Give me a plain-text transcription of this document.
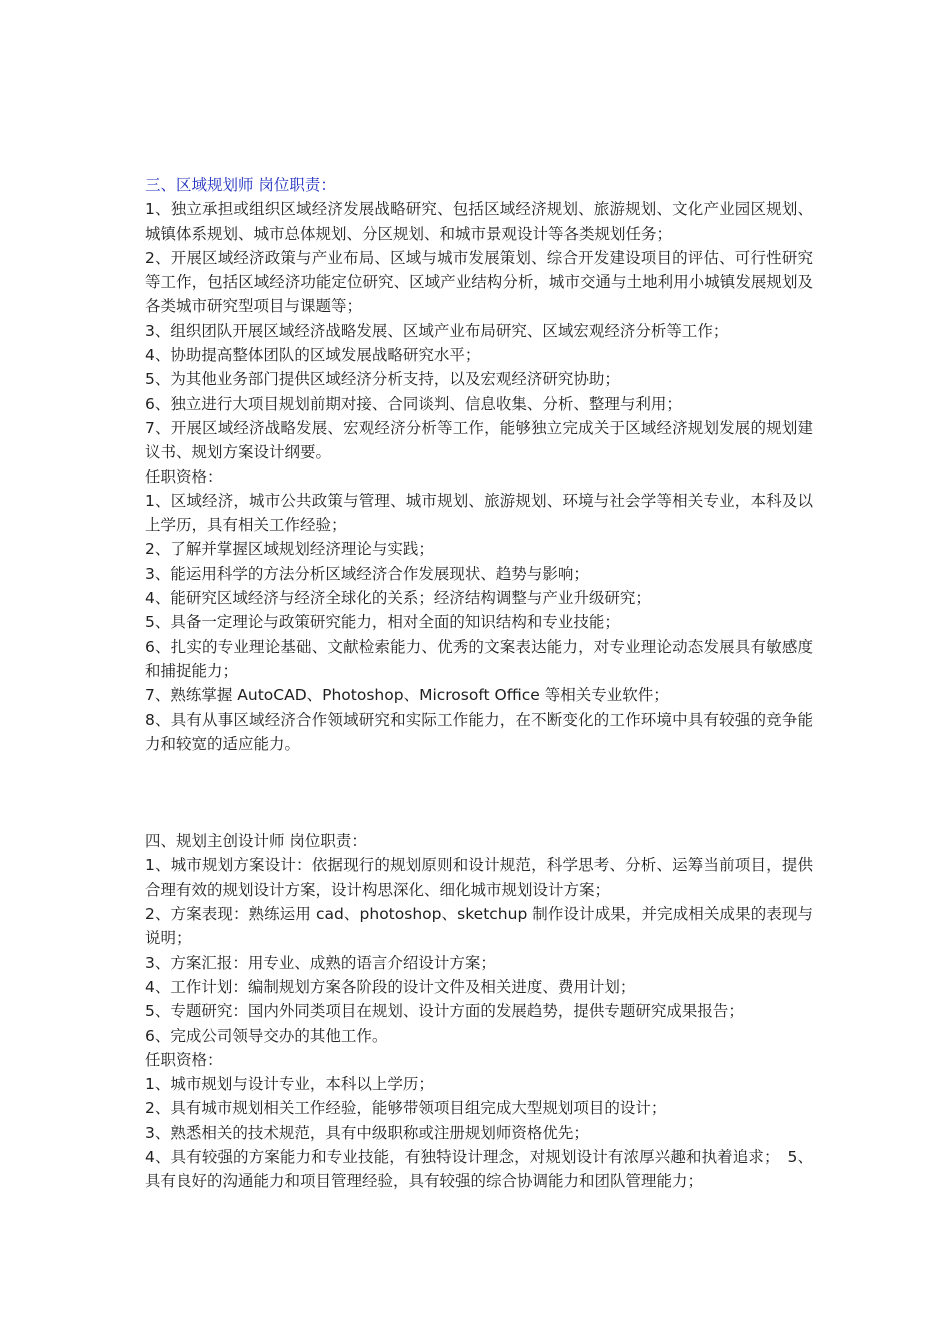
三、区域规划师 岗位职责：

1、独立承担或组织区域经济发展战略研究、包括区域经济规划、旅游规划、文化产业园区规划、城镇体系规划、城市总体规划、分区规划、和城市景观设计等各类规划任务；

2、开展区域经济政策与产业布局、区域与城市发展策划、综合开发建设项目的评估、可行性研究等工作，包括区域经济功能定位研究、区域产业结构分析，城市交通与土地利用小城镇发展规划及各类城市研究型项目与课题等；

3、组织团队开展区域经济战略发展、区域产业布局研究、区域宏观经济分析等工作；

4、协助提高整体团队的区域发展战略研究水平；

5、为其他业务部门提供区域经济分析支持，以及宏观经济研究协助；

6、独立进行大项目规划前期对接、合同谈判、信息收集、分析、整理与利用；

7、开展区域经济战略发展、宏观经济分析等工作，能够独立完成关于区域经济规划发展的规划建议书、规划方案设计纲要。

任职资格：

1、区域经济，城市公共政策与管理、城市规划、旅游规划、环境与社会学等相关专业，本科及以上学历，具有相关工作经验；

2、了解并掌握区域规划经济理论与实践；

3、能运用科学的方法分析区域经济合作发展现状、趋势与影响；

4、能研究区域经济与经济全球化的关系；经济结构调整与产业升级研究；

5、具备一定理论与政策研究能力，相对全面的知识结构和专业技能；

6、扎实的专业理论基础、文献检索能力、优秀的文案表达能力，对专业理论动态发展具有敏感度和捕捉能力；

7、熟练掌握 AutoCAD、Photoshop、Microsoft Office 等相关专业软件；

8、具有从事区域经济合作领域研究和实际工作能力，在不断变化的工作环境中具有较强的竞争能力和较宽的适应能力。

四、规划主创设计师 岗位职责：

1、城市规划方案设计：依据现行的规划原则和设计规范，科学思考、分析、运筹当前项目，提供合理有效的规划设计方案，设计构思深化、细化城市规划设计方案；

2、方案表现：熟练运用 cad、photoshop、sketchup 制作设计成果，并完成相关成果的表现与说明；

3、方案汇报：用专业、成熟的语言介绍设计方案；

4、工作计划：编制规划方案各阶段的设计文件及相关进度、费用计划；

5、专题研究：国内外同类项目在规划、设计方面的发展趋势，提供专题研究成果报告；

6、完成公司领导交办的其他工作。

任职资格：

1、城市规划与设计专业，本科以上学历；

2、具有城市规划相关工作经验，能够带领项目组完成大型规划项目的设计；

3、熟悉相关的技术规范，具有中级职称或注册规划师资格优先；

4、具有较强的方案能力和专业技能，有独特设计理念，对规划设计有浓厚兴趣和执着追求；　5、具有良好的沟通能力和项目管理经验，具有较强的综合协调能力和团队管理能力；
